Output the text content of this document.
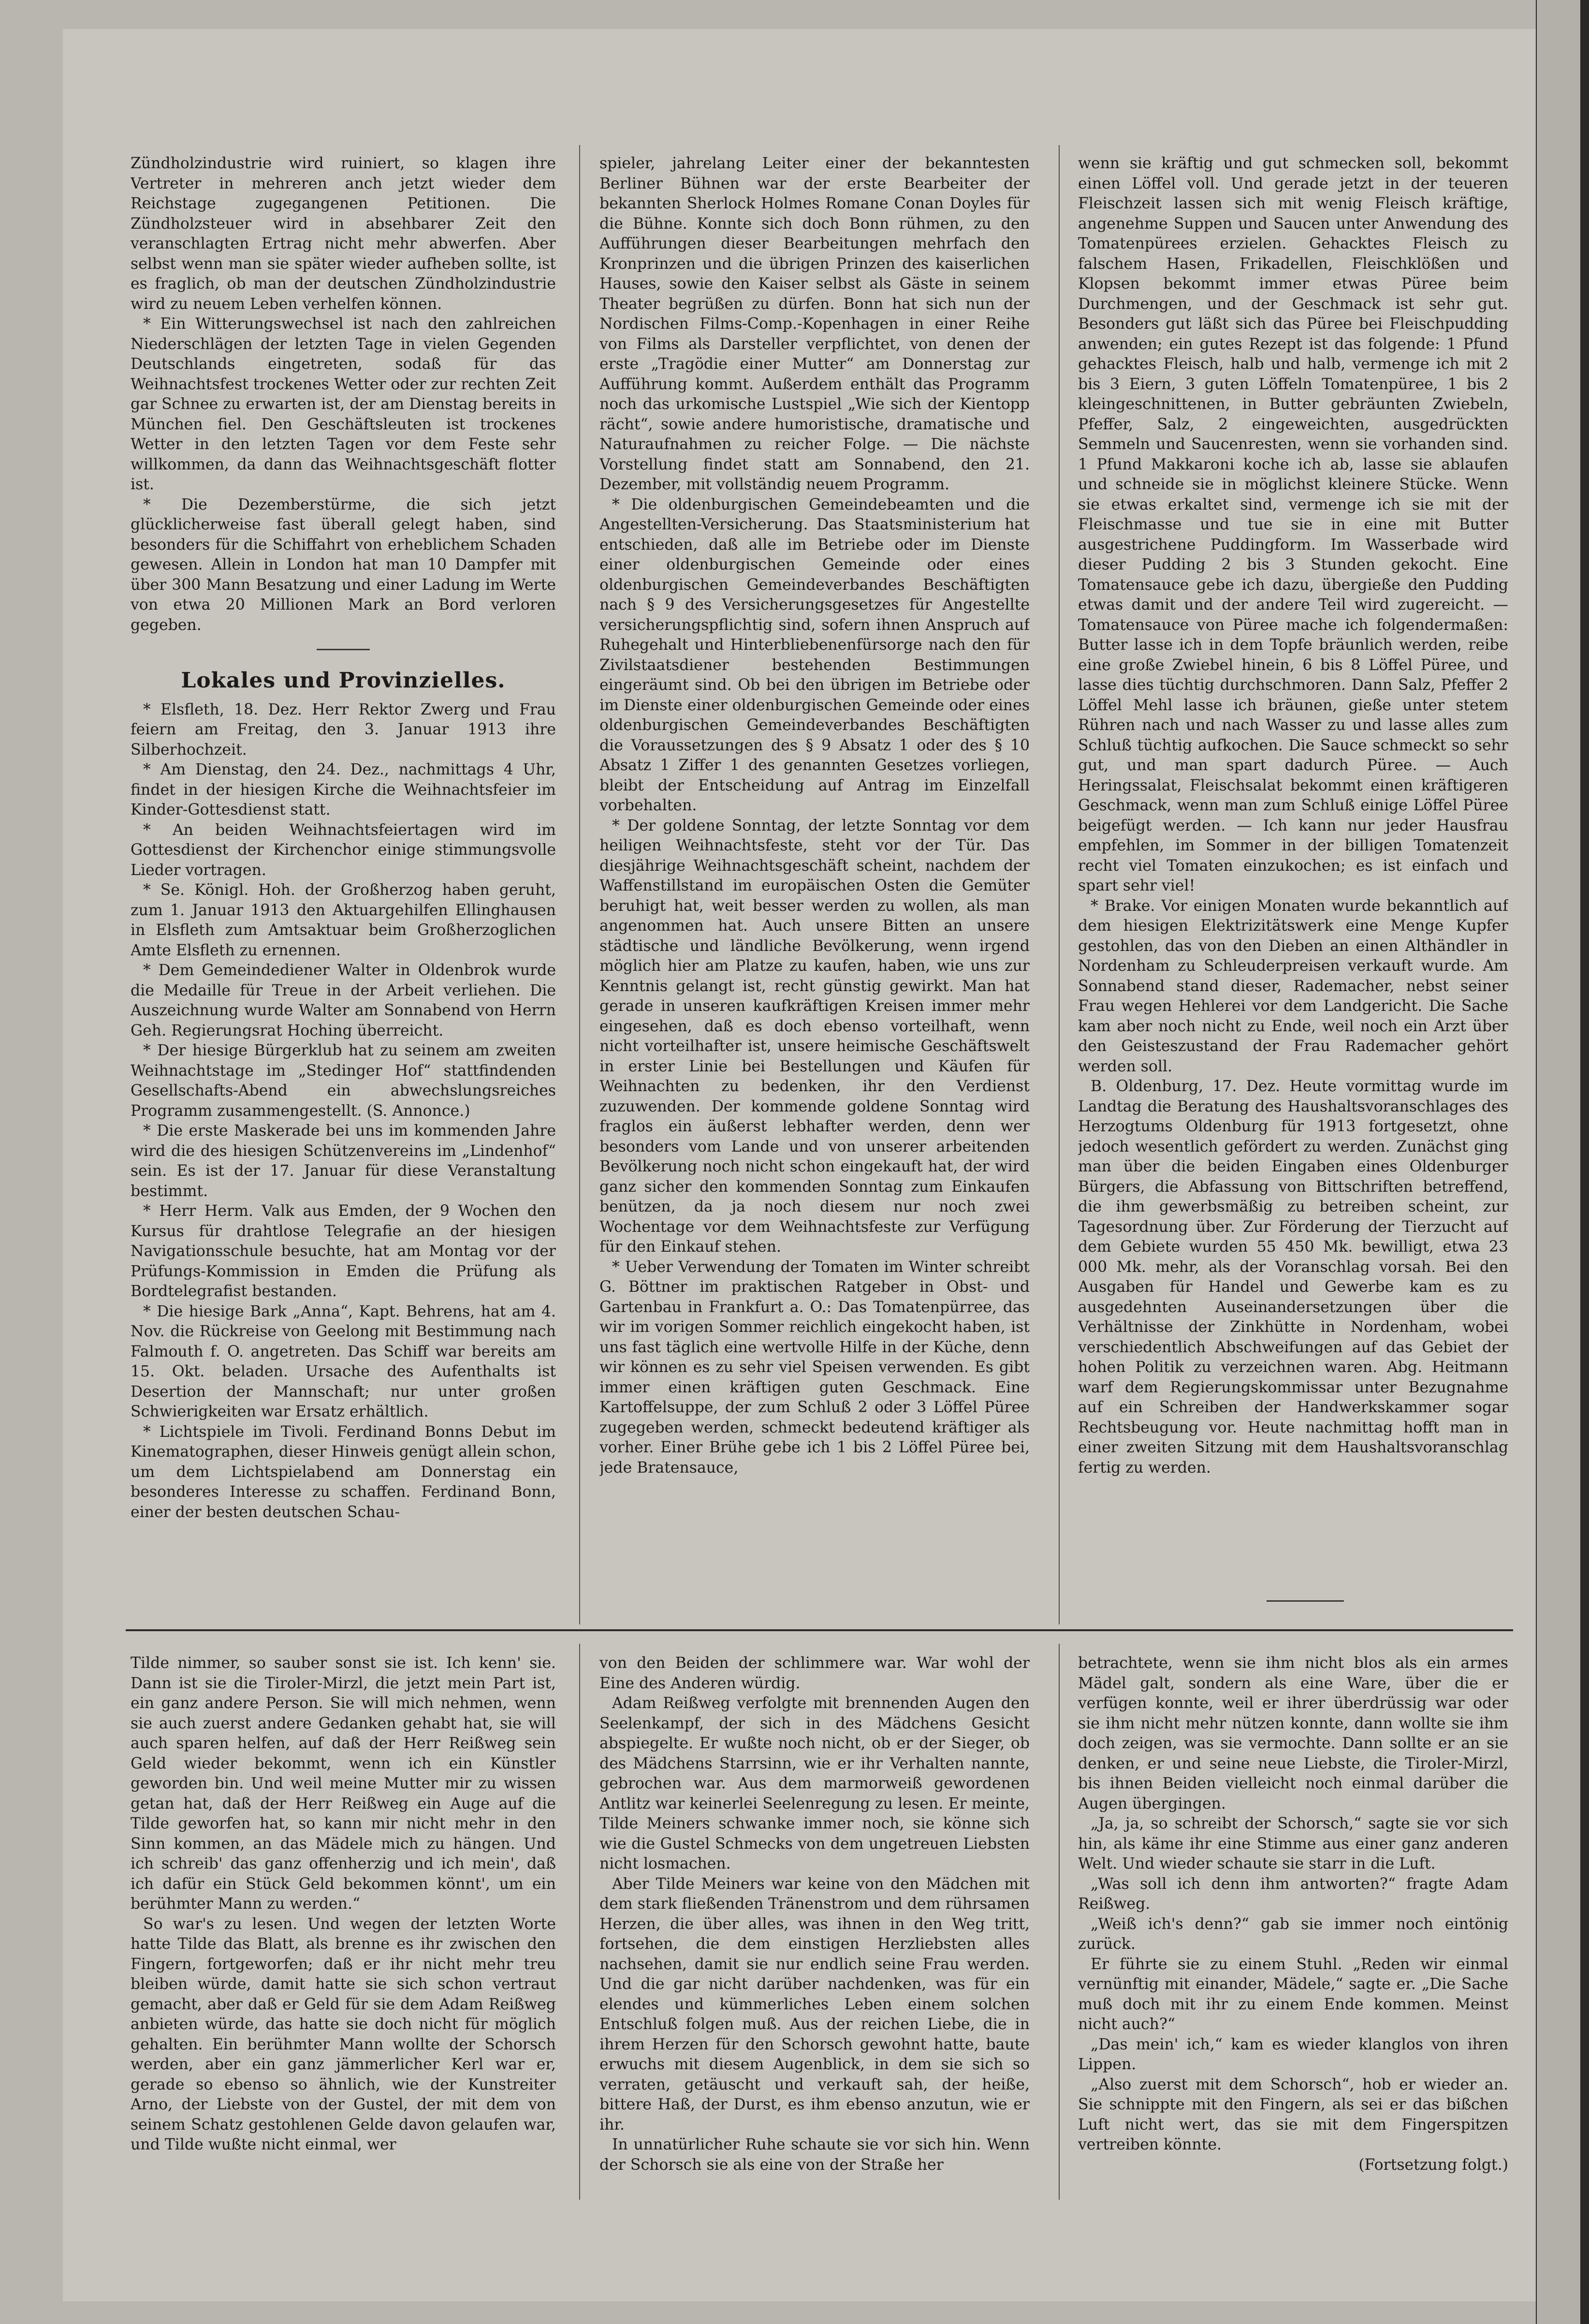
Zündholzindustrie wird ruiniert, so klagen ihre Vertreter in mehreren anch jetzt wieder dem Reichstage zugegangenen Petitionen. Die Zündholzsteuer wird in absehbarer Zeit den veranschlagten Ertrag nicht mehr abwerfen. Aber selbst wenn man sie später wieder aufheben sollte, ist es fraglich, ob man der deutschen Zündholzindustrie wird zu neuem Leben verhelfen können.

* Ein Witterungswechsel ist nach den zahlreichen Niederschlägen der letzten Tage in vielen Gegenden Deutschlands eingetreten, sodaß für das Weihnachtsfest trockenes Wetter oder zur rechten Zeit gar Schnee zu erwarten ist, der am Dienstag bereits in München fiel. Den Geschäftsleuten ist trockenes Wetter in den letzten Tagen vor dem Feste sehr willkommen, da dann das Weihnachtsgeschäft flotter ist.

* Die Dezemberstürme, die sich jetzt glücklicherweise fast überall gelegt haben, sind besonders für die Schiffahrt von erheblichem Schaden gewesen. Allein in London hat man 10 Dampfer mit über 300 Mann Besatzung und einer Ladung im Werte von etwa 20 Millionen Mark an Bord verloren gegeben.

Lokales und Provinzielles.

* Elsfleth, 18. Dez. Herr Rektor Zwerg und Frau feiern am Freitag, den 3. Januar 1913 ihre Silberhochzeit.

* Am Dienstag, den 24. Dez., nachmittags 4 Uhr, findet in der hiesigen Kirche die Weihnachtsfeier im Kinder-Gottesdienst statt.

* An beiden Weihnachtsfeiertagen wird im Gottesdienst der Kirchenchor einige stimmungsvolle Lieder vortragen.

* Se. Königl. Hoh. der Großherzog haben geruht, zum 1. Januar 1913 den Aktuargehilfen Ellinghausen in Elsfleth zum Amtsaktuar beim Großherzoglichen Amte Elsfleth zu ernennen.

* Dem Gemeindediener Walter in Oldenbrok wurde die Medaille für Treue in der Arbeit verliehen. Die Auszeichnung wurde Walter am Sonnabend von Herrn Geh. Regierungsrat Hoching überreicht.

* Der hiesige Bürgerklub hat zu seinem am zweiten Weihnachtstage im „Stedinger Hof“ stattfindenden Gesellschafts-Abend ein abwechslungsreiches Programm zusammengestellt. (S. Annonce.)

* Die erste Maskerade bei uns im kommenden Jahre wird die des hiesigen Schützenvereins im „Lindenhof“ sein. Es ist der 17. Januar für diese Veranstaltung bestimmt.

* Herr Herm. Valk aus Emden, der 9 Wochen den Kursus für drahtlose Telegrafie an der hiesigen Navigationsschule besuchte, hat am Montag vor der Prüfungs-Kommission in Emden die Prüfung als Bordtelegrafist bestanden.

* Die hiesige Bark „Anna“, Kapt. Behrens, hat am 4. Nov. die Rückreise von Geelong mit Bestimmung nach Falmouth f. O. angetreten. Das Schiff war bereits am 15. Okt. beladen. Ursache des Aufenthalts ist Desertion der Mannschaft; nur unter großen Schwierigkeiten war Ersatz erhältlich.

* Lichtspiele im Tivoli. Ferdinand Bonns Debut im Kinematographen, dieser Hinweis genügt allein schon, um dem Lichtspielabend am Donnerstag ein besonderes Interesse zu schaffen. Ferdinand Bonn, einer der besten deutschen Schau-

spieler, jahrelang Leiter einer der bekanntesten Berliner Bühnen war der erste Bearbeiter der bekannten Sherlock Holmes Romane Conan Doyles für die Bühne. Konnte sich doch Bonn rühmen, zu den Aufführungen dieser Bearbeitungen mehrfach den Kronprinzen und die übrigen Prinzen des kaiserlichen Hauses, sowie den Kaiser selbst als Gäste in seinem Theater begrüßen zu dürfen. Bonn hat sich nun der Nordischen Films-Comp.-Kopenhagen in einer Reihe von Films als Darsteller verpflichtet, von denen der erste „Tragödie einer Mutter“ am Donnerstag zur Aufführung kommt. Außerdem enthält das Programm noch das urkomische Lustspiel „Wie sich der Kientopp rächt“, sowie andere humoristische, dramatische und Naturaufnahmen zu reicher Folge. — Die nächste Vorstellung findet statt am Sonnabend, den 21. Dezember, mit vollständig neuem Programm.

* Die oldenburgischen Gemeindebeamten und die Angestellten-Versicherung. Das Staatsministerium hat entschieden, daß alle im Betriebe oder im Dienste einer oldenburgischen Gemeinde oder eines oldenburgischen Gemeindeverbandes Beschäftigten nach § 9 des Versicherungsgesetzes für Angestellte versicherungspflichtig sind, sofern ihnen Anspruch auf Ruhegehalt und Hinterbliebenenfürsorge nach den für Zivilstaatsdiener bestehenden Bestimmungen eingeräumt sind. Ob bei den übrigen im Betriebe oder im Dienste einer oldenburgischen Gemeinde oder eines oldenburgischen Gemeindeverbandes Beschäftigten die Voraussetzungen des § 9 Absatz 1 oder des § 10 Absatz 1 Ziffer 1 des genannten Gesetzes vorliegen, bleibt der Entscheidung auf Antrag im Einzelfall vorbehalten.

* Der goldene Sonntag, der letzte Sonntag vor dem heiligen Weihnachtsfeste, steht vor der Tür. Das diesjährige Weihnachtsgeschäft scheint, nachdem der Waffenstillstand im europäischen Osten die Gemüter beruhigt hat, weit besser werden zu wollen, als man angenommen hat. Auch unsere Bitten an unsere städtische und ländliche Bevölkerung, wenn irgend möglich hier am Platze zu kaufen, haben, wie uns zur Kenntnis gelangt ist, recht günstig gewirkt. Man hat gerade in unseren kaufkräftigen Kreisen immer mehr eingesehen, daß es doch ebenso vorteilhaft, wenn nicht vorteilhafter ist, unsere heimische Geschäftswelt in erster Linie bei Bestellungen und Käufen für Weihnachten zu bedenken, ihr den Verdienst zuzuwenden. Der kommende goldene Sonntag wird fraglos ein äußerst lebhafter werden, denn wer besonders vom Lande und von unserer arbeitenden Bevölkerung noch nicht schon eingekauft hat, der wird ganz sicher den kommenden Sonntag zum Einkaufen benützen, da ja noch diesem nur noch zwei Wochentage vor dem Weihnachtsfeste zur Verfügung für den Einkauf stehen.

* Ueber Verwendung der Tomaten im Winter schreibt G. Böttner im praktischen Ratgeber in Obst- und Gartenbau in Frankfurt a. O.: Das Tomatenpürree, das wir im vorigen Sommer reichlich eingekocht haben, ist uns fast täglich eine wertvolle Hilfe in der Küche, denn wir können es zu sehr viel Speisen verwenden. Es gibt immer einen kräftigen guten Geschmack. Eine Kartoffelsuppe, der zum Schluß 2 oder 3 Löffel Püree zugegeben werden, schmeckt bedeutend kräftiger als vorher. Einer Brühe gebe ich 1 bis 2 Löffel Püree bei, jede Bratensauce,

wenn sie kräftig und gut schmecken soll, bekommt einen Löffel voll. Und gerade jetzt in der teueren Fleischzeit lassen sich mit wenig Fleisch kräftige, angenehme Suppen und Saucen unter Anwendung des Tomatenpürees erzielen. Gehacktes Fleisch zu falschem Hasen, Frikadellen, Fleischklößen und Klopsen bekommt immer etwas Püree beim Durchmengen, und der Geschmack ist sehr gut. Besonders gut läßt sich das Püree bei Fleischpudding anwenden; ein gutes Rezept ist das folgende: 1 Pfund gehacktes Fleisch, halb und halb, vermenge ich mit 2 bis 3 Eiern, 3 guten Löffeln Tomatenpüree, 1 bis 2 kleingeschnittenen, in Butter gebräunten Zwiebeln, Pfeffer, Salz, 2 eingeweichten, ausgedrückten Semmeln und Saucenresten, wenn sie vorhanden sind. 1 Pfund Makkaroni koche ich ab, lasse sie ablaufen und schneide sie in möglichst kleinere Stücke. Wenn sie etwas erkaltet sind, vermenge ich sie mit der Fleischmasse und tue sie in eine mit Butter ausgestrichene Puddingform. Im Wasserbade wird dieser Pudding 2 bis 3 Stunden gekocht. Eine Tomatensauce gebe ich dazu, übergieße den Pudding etwas damit und der andere Teil wird zugereicht. — Tomatensauce von Püree mache ich folgendermaßen: Butter lasse ich in dem Topfe bräunlich werden, reibe eine große Zwiebel hinein, 6 bis 8 Löffel Püree, und lasse dies tüchtig durchschmoren. Dann Salz, Pfeffer 2 Löffel Mehl lasse ich bräunen, gieße unter stetem Rühren nach und nach Wasser zu und lasse alles zum Schluß tüchtig aufkochen. Die Sauce schmeckt so sehr gut, und man spart dadurch Püree. — Auch Heringssalat, Fleischsalat bekommt einen kräftigeren Geschmack, wenn man zum Schluß einige Löffel Püree beigefügt werden. — Ich kann nur jeder Hausfrau empfehlen, im Sommer in der billigen Tomatenzeit recht viel Tomaten einzukochen; es ist einfach und spart sehr viel!

* Brake. Vor einigen Monaten wurde bekanntlich auf dem hiesigen Elektrizitätswerk eine Menge Kupfer gestohlen, das von den Dieben an einen Althändler in Nordenham zu Schleuderpreisen verkauft wurde. Am Sonnabend stand dieser, Rademacher, nebst seiner Frau wegen Hehlerei vor dem Landgericht. Die Sache kam aber noch nicht zu Ende, weil noch ein Arzt über den Geisteszustand der Frau Rademacher gehört werden soll.

B. Oldenburg, 17. Dez. Heute vormittag wurde im Landtag die Beratung des Haushaltsvoranschlages des Herzogtums Oldenburg für 1913 fortgesetzt, ohne jedoch wesentlich gefördert zu werden. Zunächst ging man über die beiden Eingaben eines Oldenburger Bürgers, die Abfassung von Bittschriften betreffend, die ihm gewerbsmäßig zu betreiben scheint, zur Tagesordnung über. Zur Förderung der Tierzucht auf dem Gebiete wurden 55 450 Mk. bewilligt, etwa 23 000 Mk. mehr, als der Voranschlag vorsah. Bei den Ausgaben für Handel und Gewerbe kam es zu ausgedehnten Auseinandersetzungen über die Verhältnisse der Zinkhütte in Nordenham, wobei verschiedentlich Abschweifungen auf das Gebiet der hohen Politik zu verzeichnen waren. Abg. Heitmann warf dem Regierungskommissar unter Bezugnahme auf ein Schreiben der Handwerkskammer sogar Rechtsbeugung vor. Heute nachmittag hofft man in einer zweiten Sitzung mit dem Haushaltsvoranschlag fertig zu werden.

Tilde nimmer, so sauber sonst sie ist. Ich kenn' sie. Dann ist sie die Tiroler-Mirzl, die jetzt mein Part ist, ein ganz andere Person. Sie will mich nehmen, wenn sie auch zuerst andere Gedanken gehabt hat, sie will auch sparen helfen, auf daß der Herr Reißweg sein Geld wieder bekommt, wenn ich ein Künstler geworden bin. Und weil meine Mutter mir zu wissen getan hat, daß der Herr Reißweg ein Auge auf die Tilde geworfen hat, so kann mir nicht mehr in den Sinn kommen, an das Mädele mich zu hängen. Und ich schreib' das ganz offenherzig und ich mein', daß ich dafür ein Stück Geld bekommen könnt', um ein berühmter Mann zu werden.“

So war's zu lesen. Und wegen der letzten Worte hatte Tilde das Blatt, als brenne es ihr zwischen den Fingern, fortgeworfen; daß er ihr nicht mehr treu bleiben würde, damit hatte sie sich schon vertraut gemacht, aber daß er Geld für sie dem Adam Reißweg anbieten würde, das hatte sie doch nicht für möglich gehalten. Ein berühmter Mann wollte der Schorsch werden, aber ein ganz jämmerlicher Kerl war er, gerade so ebenso so ähnlich, wie der Kunstreiter Arno, der Liebste von der Gustel, der mit dem von seinem Schatz gestohlenen Gelde davon gelaufen war, und Tilde wußte nicht einmal, wer

von den Beiden der schlimmere war. War wohl der Eine des Anderen würdig.

Adam Reißweg verfolgte mit brennenden Augen den Seelenkampf, der sich in des Mädchens Gesicht abspiegelte. Er wußte noch nicht, ob er der Sieger, ob des Mädchens Starrsinn, wie er ihr Verhalten nannte, gebrochen war. Aus dem marmorweiß gewordenen Antlitz war keinerlei Seelenregung zu lesen. Er meinte, Tilde Meiners schwanke immer noch, sie könne sich wie die Gustel Schmecks von dem ungetreuen Liebsten nicht losmachen.

Aber Tilde Meiners war keine von den Mädchen mit dem stark fließenden Tränenstrom und dem rührsamen Herzen, die über alles, was ihnen in den Weg tritt, fortsehen, die dem einstigen Herzliebsten alles nachsehen, damit sie nur endlich seine Frau werden. Und die gar nicht darüber nachdenken, was für ein elendes und kümmerliches Leben einem solchen Entschluß folgen muß. Aus der reichen Liebe, die in ihrem Herzen für den Schorsch gewohnt hatte, baute erwuchs mit diesem Augenblick, in dem sie sich so verraten, getäuscht und verkauft sah, der heiße, bittere Haß, der Durst, es ihm ebenso anzutun, wie er ihr.

In unnatürlicher Ruhe schaute sie vor sich hin. Wenn der Schorsch sie als eine von der Straße her

betrachtete, wenn sie ihm nicht blos als ein armes Mädel galt, sondern als eine Ware, über die er verfügen konnte, weil er ihrer überdrüssig war oder sie ihm nicht mehr nützen konnte, dann wollte sie ihm doch zeigen, was sie vermochte. Dann sollte er an sie denken, er und seine neue Liebste, die Tiroler-Mirzl, bis ihnen Beiden vielleicht noch einmal darüber die Augen übergingen.

„Ja, ja, so schreibt der Schorsch,“ sagte sie vor sich hin, als käme ihr eine Stimme aus einer ganz anderen Welt. Und wieder schaute sie starr in die Luft.

„Was soll ich denn ihm antworten?“ fragte Adam Reißweg.

„Weiß ich's denn?“ gab sie immer noch eintönig zurück.

Er führte sie zu einem Stuhl. „Reden wir einmal vernünftig mit einander, Mädele,“ sagte er. „Die Sache muß doch mit ihr zu einem Ende kommen. Meinst nicht auch?“

„Das mein' ich,“ kam es wieder klanglos von ihren Lippen.

„Also zuerst mit dem Schorsch“, hob er wieder an. Sie schnippte mit den Fingern, als sei er das bißchen Luft nicht wert, das sie mit dem Fingerspitzen vertreiben könnte.

(Fortsetzung folgt.)
